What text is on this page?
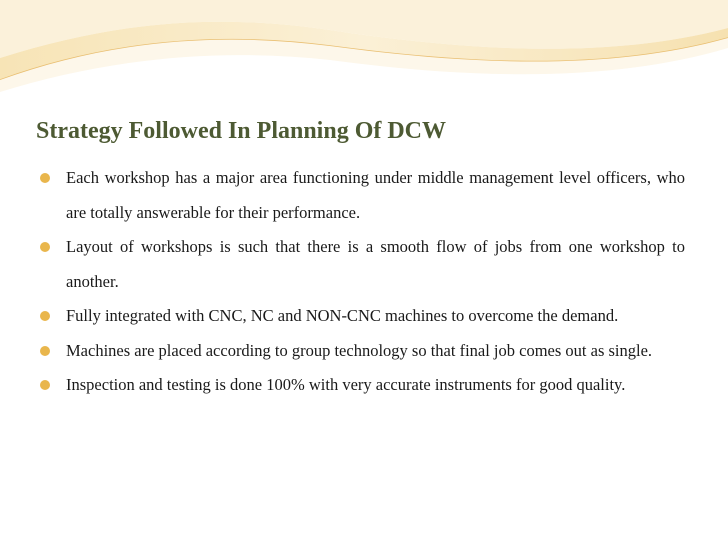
Strategy Followed In Planning Of DCW
Each workshop has a major area functioning under middle management level officers, who are totally answerable for their performance.
Layout of workshops is such that there is a smooth flow of jobs from one workshop to another.
Fully integrated with CNC, NC and NON-CNC machines to overcome the demand.
Machines are placed according to group technology so that final job comes out as single.
Inspection and testing is done 100% with very accurate instruments for good quality.
